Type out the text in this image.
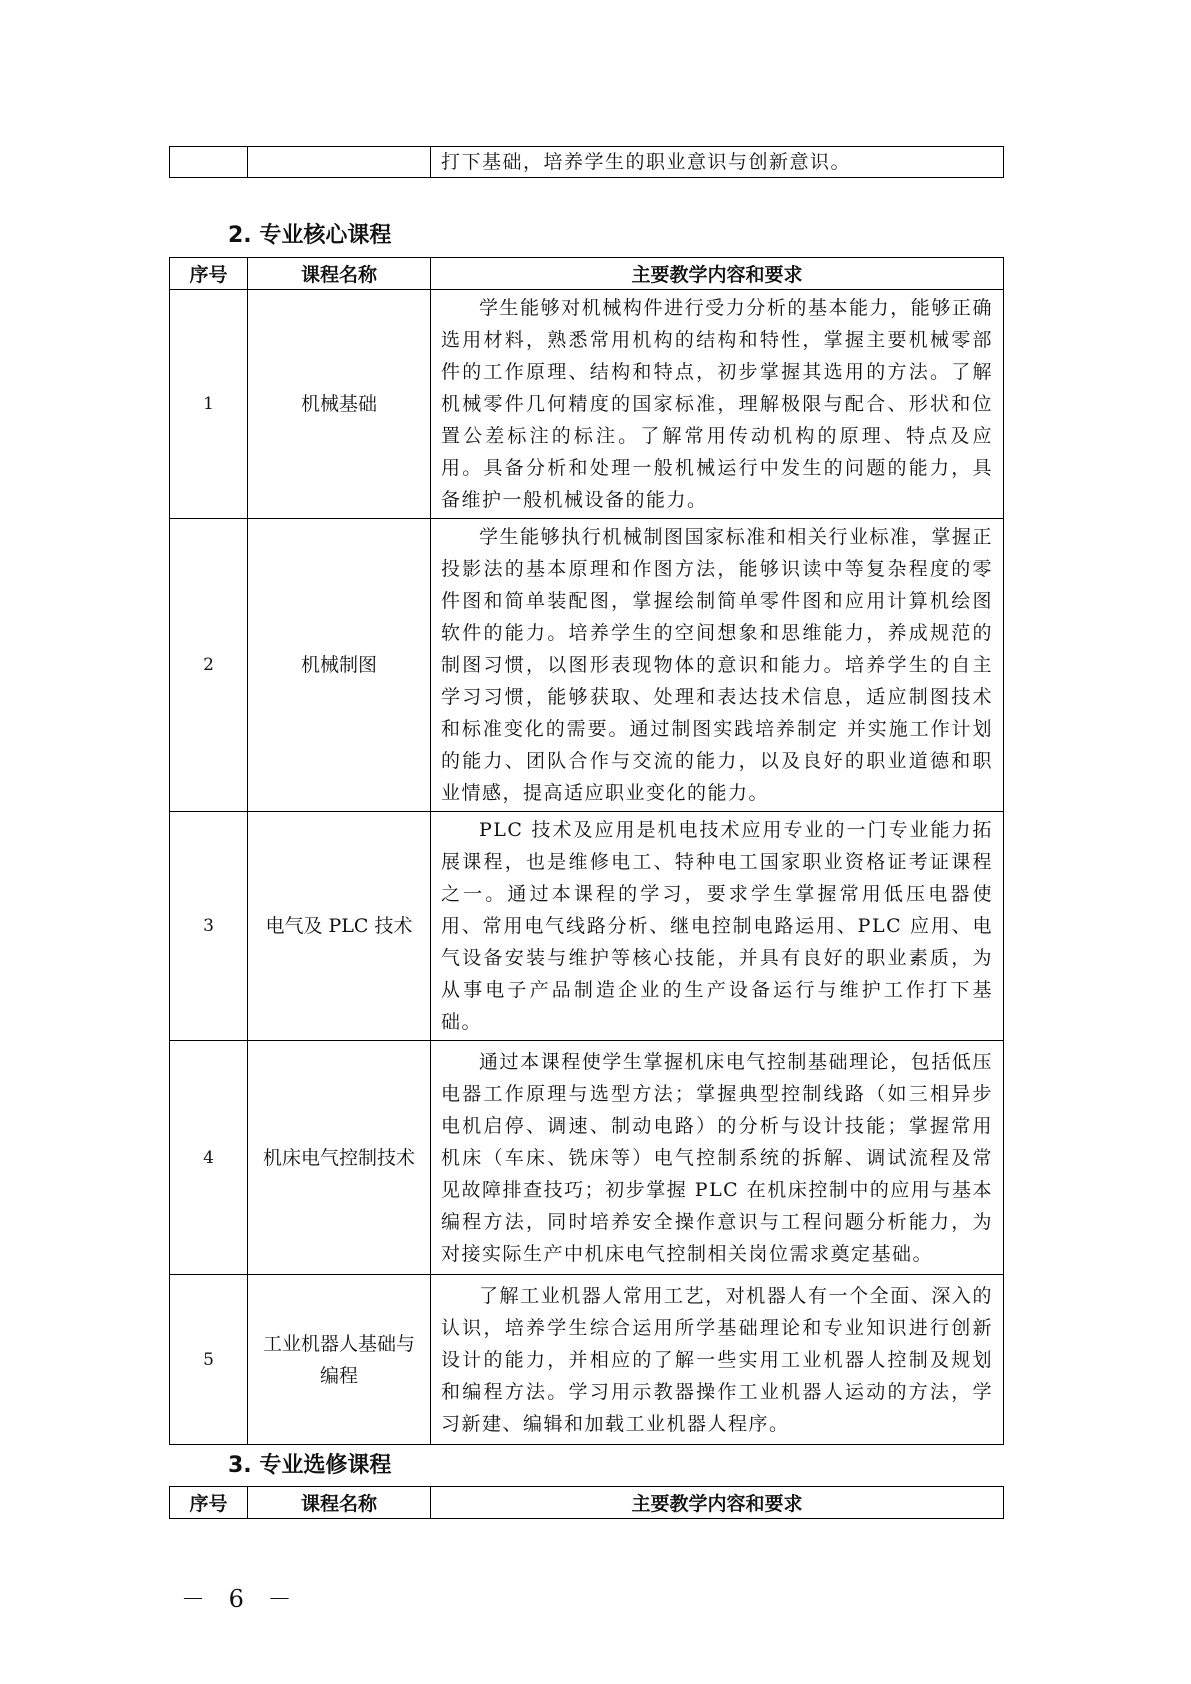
		打下基础，培养学生的职业意识与创新意识。
2. 专业核心课程
序号	课程名称	主要教学内容和要求
1	机械基础	学生能够对机械构件进行受力分析的基本能力，能够正确选用材料，熟悉常用机构的结构和特性，掌握主要机械零部件的工作原理、结构和特点，初步掌握其选用的方法。了解机械零件几何精度的国家标准，理解极限与配合、形状和位置公差标注的标注。了解常用传动机构的原理、特点及应用。具备分析和处理一般机械运行中发生的问题的能力，具备维护一般机械设备的能力。

2	机械制图	学生能够执行机械制图国家标准和相关行业标准，掌握正投影法的基本原理和作图方法，能够识读中等复杂程度的零件图和简单装配图，掌握绘制简单零件图和应用计算机绘图软件的能力。培养学生的空间想象和思维能力，养成规范的制图习惯，以图形表现物体的意识和能力。培养学生的自主学习习惯，能够获取、处理和表达技术信息，适应制图技术和标准变化的需要。通过制图实践培养制定 并实施工作计划的能力、团队合作与交流的能力，以及良好的职业道德和职业情感，提高适应职业变化的能力。

3	电气及 PLC 技术	PLC 技术及应用是机电技术应用专业的一门专业能力拓展课程，也是维修电工、特种电工国家职业资格证考证课程之一。通过本课程的学习，要求学生掌握常用低压电器使用、常用电气线路分析、继电控制电路运用、PLC 应用、电气设备安装与维护等核心技能，并具有良好的职业素质，为从事电子产品制造企业的生产设备运行与维护工作打下基础。

4	机床电气控制技术	通过本课程使学生掌握机床电气控制基础理论，包括低压电器工作原理与选型方法；掌握典型控制线路（如三相异步电机启停、调速、制动电路）的分析与设计技能；掌握常用机床（车床、铣床等）电气控制系统的拆解、调试流程及常见故障排查技巧；初步掌握 PLC 在机床控制中的应用与基本编程方法，同时培养安全操作意识与工程问题分析能力，为对接实际生产中机床电气控制相关岗位需求奠定基础。

5	工业机器人基础与编程	了解工业机器人常用工艺，对机器人有一个全面、深入的认识，培养学生综合运用所学基础理论和专业知识进行创新设计的能力，并相应的了解一些实用工业机器人控制及规划和编程方法。学习用示教器操作工业机器人运动的方法，学习新建、编辑和加载工业机器人程序。
3. 专业选修课程
序号	课程名称	主要教学内容和要求
－ 6 －
